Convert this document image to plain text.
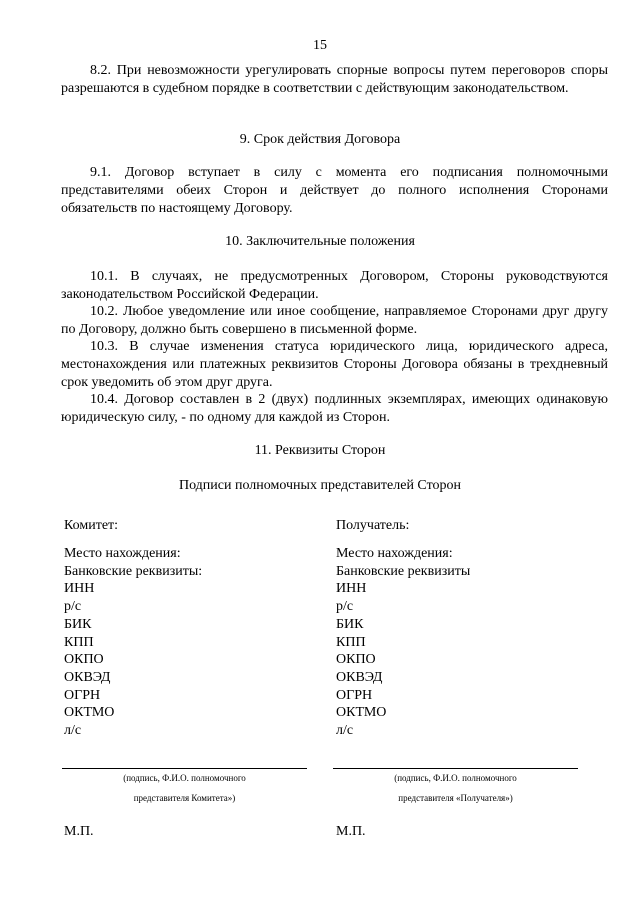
15

8.2. При невозможности урегулировать спорные вопросы путем переговоров споры разрешаются в судебном порядке в соответствии с действующим законодательством.

9. Срок действия Договора

9.1. Договор вступает в силу с момента его подписания полномочными представителями обеих Сторон и действует до полного исполнения Сторонами обязательств по настоящему Договору.

10. Заключительные положения

10.1. В случаях, не предусмотренных Договором, Стороны руководствуются законодательством Российской Федерации.

10.2. Любое уведомление или иное сообщение, направляемое Сторонами друг другу по Договору, должно быть совершено в письменной форме.

10.3. В случае изменения статуса юридического лица, юридического адреса, местонахождения или платежных реквизитов Стороны Договора обязаны в трехдневный срок уведомить об этом друг друга.

10.4. Договор составлен в 2 (двух) подлинных экземплярах, имеющих одинаковую юридическую силу, - по одному для каждой из Сторон.

11. Реквизиты Сторон

Подписи полномочных представителей Сторон

Комитет:

Место нахождения:
Банковские реквизиты:
ИНН
р/с
БИК
КПП
ОКПО
ОКВЭД
ОГРН
ОКТМО
л/с

Получатель:

Место нахождения:
Банковские реквизиты
ИНН
р/с
БИК
КПП
ОКПО
ОКВЭД
ОГРН
ОКТМО
л/с
(подпись, Ф.И.О. полномочного
представителя Комитета»)
(подпись, Ф.И.О. полномочного
представителя «Получателя»)
М.П.	М.П.
